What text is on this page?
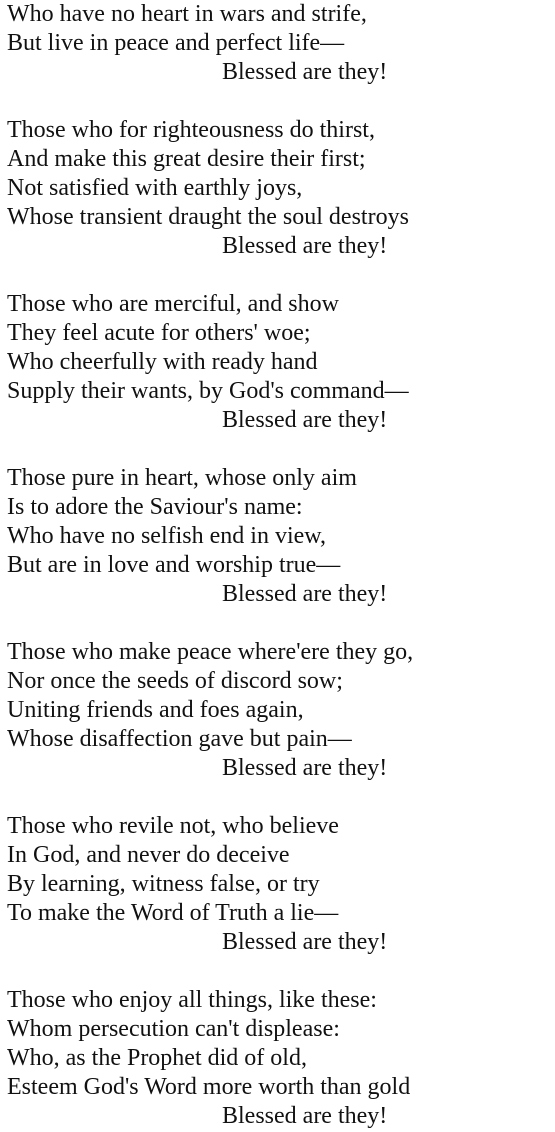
Who have no heart in wars and strife,
But live in peace and perfect life—
Blessed are they!
Those who for righteousness do thirst,
And make this great desire their first;
Not satisfied with earthly joys,
Whose transient draught the soul destroys
Blessed are they!
Those who are merciful, and show
They feel acute for others' woe;
Who cheerfully with ready hand
Supply their wants, by God's command—
Blessed are they!
Those pure in heart, whose only aim
Is to adore the Saviour's name:
Who have no selfish end in view,
But are in love and worship true—
Blessed are they!
Those who make peace where'ere they go,
Nor once the seeds of discord sow;
Uniting friends and foes again,
Whose disaffection gave but pain—
Blessed are they!
Those who revile not, who believe
In God, and never do deceive
By learning, witness false, or try
To make the Word of Truth a lie—
Blessed are they!
Those who enjoy all things, like these:
Whom persecution can't displease:
Who, as the Prophet did of old,
Esteem God's Word more worth than gold
Blessed are they!
